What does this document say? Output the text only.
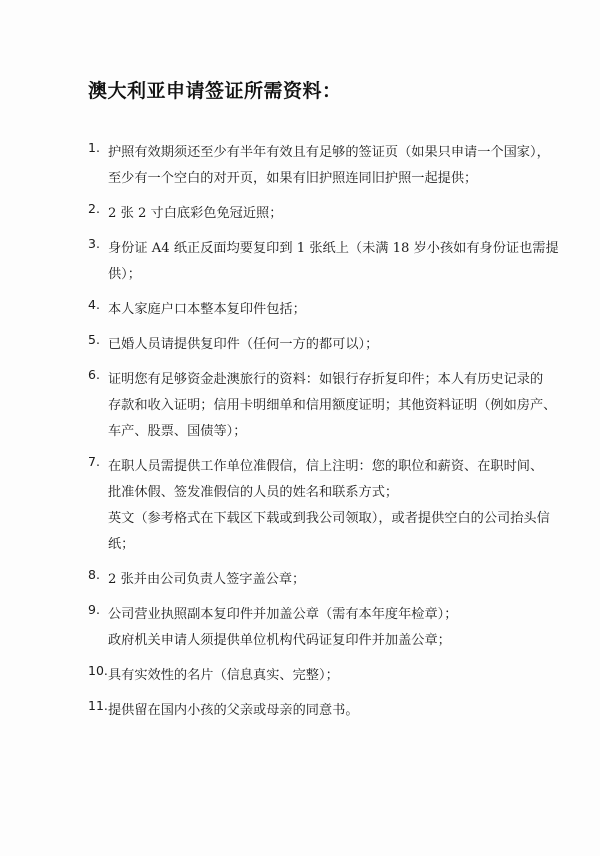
澳大利亚申请签证所需资料：
1. 护照有效期须还至少有半年有效且有足够的签证页（如果只申请一个国家），
至少有一个空白的对开页，如果有旧护照连同旧护照一起提供；
2. 2 张 2 寸白底彩色免冠近照；
3. 身份证 A4 纸正反面均要复印到 1 张纸上（未满 18 岁小孩如有身份证也需提
供）；
4. 本人家庭户口本整本复印件包括；
5. 已婚人员请提供复印件（任何一方的都可以）；
6. 证明您有足够资金赴澳旅行的资料：如银行存折复印件；本人有历史记录的
存款和收入证明；信用卡明细单和信用额度证明；其他资料证明（例如房产、
车产、股票、国债等）；
7. 在职人员需提供工作单位准假信，信上注明：您的职位和薪资、在职时间、
批准休假、签发准假信的人员的姓名和联系方式；
英文（参考格式在下载区下载或到我公司领取），或者提供空白的公司抬头信
纸；
8. 2 张并由公司负责人签字盖公章；
9. 公司营业执照副本复印件并加盖公章（需有本年度年检章）；
政府机关申请人须提供单位机构代码证复印件并加盖公章；
10. 具有实效性的名片（信息真实、完整）；
11. 提供留在国内小孩的父亲或母亲的同意书。
